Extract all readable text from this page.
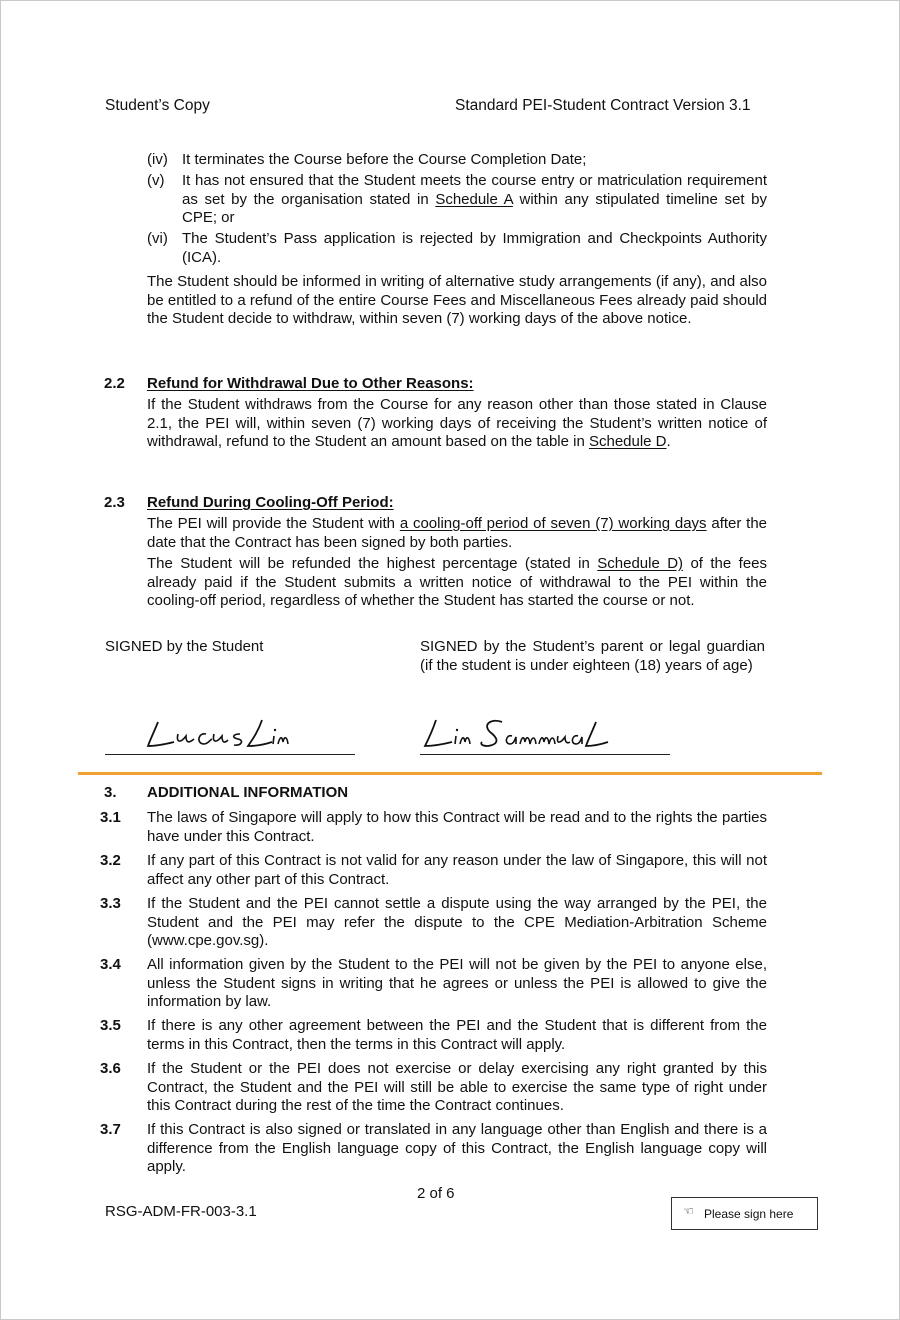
Student’s Copy	Standard PEI-Student Contract Version 3.1
(iv) It terminates the Course before the Course Completion Date;

(v) It has not ensured that the Student meets the course entry or matriculation requirement as set by the organisation stated in Schedule A within any stipulated timeline set by CPE; or

(vi) The Student’s Pass application is rejected by Immigration and Checkpoints Authority (ICA).

The Student should be informed in writing of alternative study arrangements (if any), and also be entitled to a refund of the entire Course Fees and Miscellaneous Fees already paid should the Student decide to withdraw, within seven (7) working days of the above notice.

2.2 Refund for Withdrawal Due to Other Reasons:

If the Student withdraws from the Course for any reason other than those stated in Clause 2.1, the PEI will, within seven (7) working days of receiving the Student’s written notice of withdrawal, refund to the Student an amount based on the table in Schedule D.

2.3 Refund During Cooling-Off Period:

The PEI will provide the Student with a cooling-off period of seven (7) working days after the date that the Contract has been signed by both parties.

The Student will be refunded the highest percentage (stated in Schedule D) of the fees already paid if the Student submits a written notice of withdrawal to the PEI within the cooling-off period, regardless of whether the Student has started the course or not.

SIGNED by the Student	SIGNED by the Student’s parent or legal guardian (if the student is under eighteen (18) years of age)

3. ADDITIONAL INFORMATION
3.1 The laws of Singapore will apply to how this Contract will be read and to the rights the parties have under this Contract.

3.2 If any part of this Contract is not valid for any reason under the law of Singapore, this will not affect any other part of this Contract.

3.3 If the Student and the PEI cannot settle a dispute using the way arranged by the PEI, the Student and the PEI may refer the dispute to the CPE Mediation-Arbitration Scheme (www.cpe.gov.sg).

3.4 All information given by the Student to the PEI will not be given by the PEI to anyone else, unless the Student signs in writing that he agrees or unless the PEI is allowed to give the information by law.

3.5 If there is any other agreement between the PEI and the Student that is different from the terms in this Contract, then the terms in this Contract will apply.

3.6 If the Student or the PEI does not exercise or delay exercising any right granted by this Contract, the Student and the PEI will still be able to exercise the same type of right under this Contract during the rest of the time the Contract continues.

3.7 If this Contract is also signed or translated in any language other than English and there is a difference from the English language copy of this Contract, the English language copy will apply.

2 of 6
RSG-ADM-FR-003-3.1	☜ Please sign here
